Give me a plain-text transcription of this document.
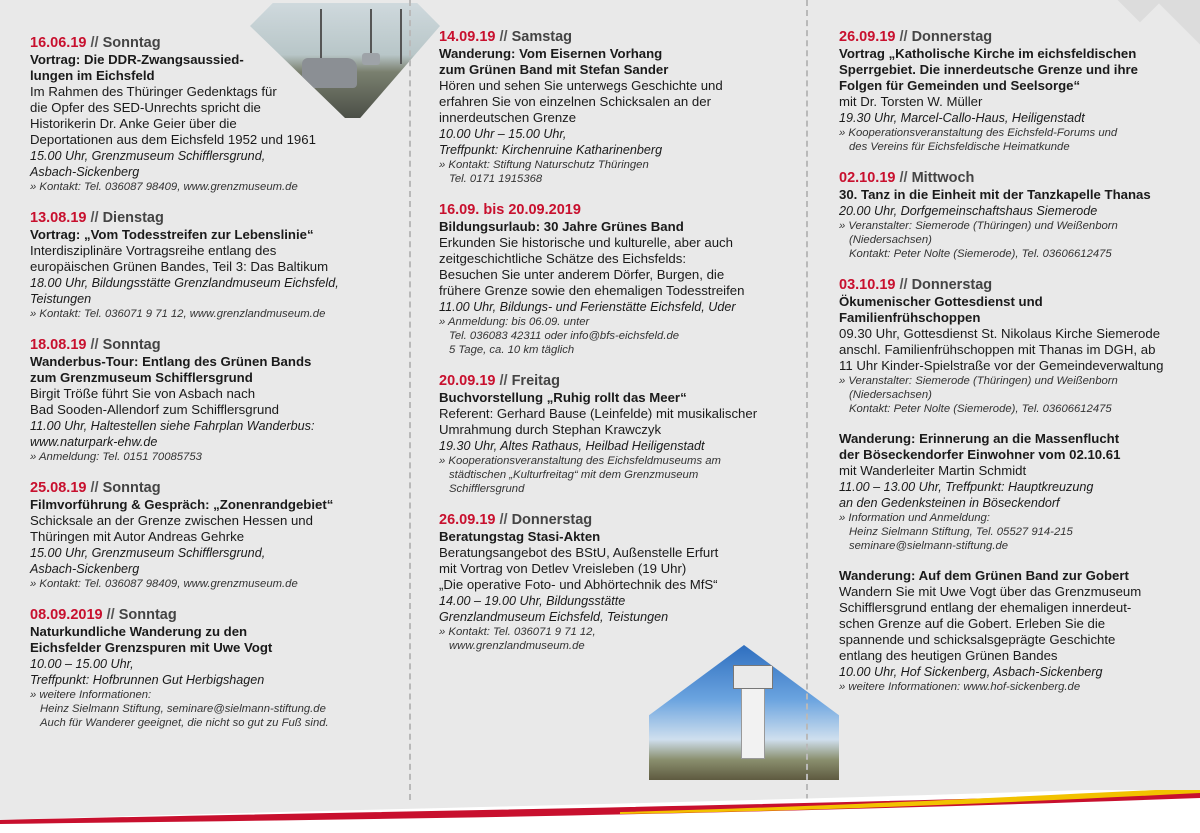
16.06.19 // Sonntag
Vortrag: Die DDR-Zwangsaussied-
lungen im Eichsfeld
Im Rahmen des Thüringer Gedenktags für
die Opfer des SED-Unrechts spricht die
Historikerin Dr. Anke Geier über die
Deportationen aus dem Eichsfeld 1952 und 1961
15.00 Uhr, Grenzmuseum Schifflersgrund,
Asbach-Sickenberg
» Kontakt: Tel. 036087 98409, www.grenzmuseum.de
13.08.19 // Dienstag
Vortrag: „Vom Todesstreifen zur Lebenslinie“
Interdisziplinäre Vortragsreihe entlang des
europäischen Grünen Bandes, Teil 3: Das Baltikum
18.00 Uhr, Bildungsstätte Grenzlandmuseum Eichsfeld,
Teistungen
» Kontakt: Tel. 036071 9 71 12, www.grenzlandmuseum.de
18.08.19 // Sonntag
Wanderbus-Tour: Entlang des Grünen Bands
zum Grenzmuseum Schifflersgrund
Birgit Tröße führt Sie von Asbach nach
Bad Sooden-Allendorf zum Schifflersgrund
11.00 Uhr, Haltestellen siehe Fahrplan Wanderbus:
www.naturpark-ehw.de
» Anmeldung: Tel. 0151 70085753
25.08.19 // Sonntag
Filmvorführung & Gespräch: „Zonenrandgebiet“
Schicksale an der Grenze zwischen Hessen und
Thüringen mit Autor Andreas Gehrke
15.00 Uhr, Grenzmuseum Schifflersgrund,
Asbach-Sickenberg
» Kontakt: Tel. 036087 98409, www.grenzmuseum.de
08.09.2019 // Sonntag
Naturkundliche Wanderung zu den
Eichsfelder Grenzspuren mit Uwe Vogt
10.00 – 15.00 Uhr,
Treffpunkt: Hofbrunnen Gut Herbigshagen
» weitere Informationen:
Heinz Sielmann Stiftung, seminare@sielmann-stiftung.de
Auch für Wanderer geeignet, die nicht so gut zu Fuß sind.
14.09.19 // Samstag
Wanderung: Vom Eisernen Vorhang
zum Grünen Band mit Stefan Sander
Hören und sehen Sie unterwegs Geschichte und
erfahren Sie von einzelnen Schicksalen an der
innerdeutschen Grenze
10.00 Uhr – 15.00 Uhr,
Treffpunkt: Kirchenruine Katharinenberg
» Kontakt: Stiftung Naturschutz Thüringen
Tel. 0171 1915368
16.09. bis 20.09.2019
Bildungsurlaub: 30 Jahre Grünes Band
Erkunden Sie historische und kulturelle, aber auch
zeitgeschichtliche Schätze des Eichsfelds:
Besuchen Sie unter anderem Dörfer, Burgen, die
frühere Grenze sowie den ehemaligen Todesstreifen
11.00 Uhr, Bildungs- und Ferienstätte Eichsfeld, Uder
» Anmeldung: bis 06.09. unter
Tel. 036083 42311 oder info@bfs-eichsfeld.de
5 Tage, ca. 10 km täglich
20.09.19 // Freitag
Buchvorstellung „Ruhig rollt das Meer“
Referent: Gerhard Bause (Leinfelde) mit musikalischer
Umrahmung durch Stephan Krawczyk
19.30 Uhr, Altes Rathaus, Heilbad Heiligenstadt
» Kooperationsveranstaltung des Eichsfeldmuseums am
städtischen „Kulturfreitag“ mit dem Grenzmuseum
Schifflersgrund
26.09.19 // Donnerstag
Beratungstag Stasi-Akten
Beratungsangebot des BStU, Außenstelle Erfurt
mit Vortrag von Detlev Vreisleben (19 Uhr)
„Die operative Foto- und Abhörtechnik des MfS“
14.00 – 19.00 Uhr, Bildungsstätte
Grenzlandmuseum Eichsfeld, Teistungen
» Kontakt: Tel. 036071 9 71 12,
www.grenzlandmuseum.de
26.09.19 // Donnerstag
Vortrag „Katholische Kirche im eichsfeldischen
Sperrgebiet. Die innerdeutsche Grenze und ihre
Folgen für Gemeinden und Seelsorge“
mit Dr. Torsten W. Müller
19.30 Uhr, Marcel-Callo-Haus, Heiligenstadt
» Kooperationsveranstaltung des Eichsfeld-Forums und
des Vereins für Eichsfeldische Heimatkunde
02.10.19 // Mittwoch
30. Tanz in die Einheit mit der Tanzkapelle Thanas
20.00 Uhr, Dorfgemeinschaftshaus Siemerode
» Veranstalter: Siemerode (Thüringen) und Weißenborn
(Niedersachsen)
Kontakt: Peter Nolte (Siemerode), Tel. 03606612475
03.10.19 // Donnerstag
Ökumenischer Gottesdienst und
Familienfrühschoppen
09.30 Uhr, Gottesdienst St. Nikolaus Kirche Siemerode
anschl. Familienfrühschoppen mit Thanas im DGH, ab
11 Uhr Kinder-Spielstraße vor der Gemeindeverwaltung
» Veranstalter: Siemerode (Thüringen) und Weißenborn
(Niedersachsen)
Kontakt: Peter Nolte (Siemerode), Tel. 03606612475
Wanderung: Erinnerung an die Massenflucht
der Böseckendorfer Einwohner vom 02.10.61
mit Wanderleiter Martin Schmidt
11.00 – 13.00 Uhr, Treffpunkt: Hauptkreuzung
an den Gedenksteinen in Böseckendorf
» Information und Anmeldung:
Heinz Sielmann Stiftung, Tel. 05527 914-215
seminare@sielmann-stiftung.de
Wanderung: Auf dem Grünen Band zur Gobert
Wandern Sie mit Uwe Vogt über das Grenzmuseum
Schifflersgrund entlang der ehemaligen innerdeut-
schen Grenze auf die Gobert. Erleben Sie die
spannende und schicksalsgeprägte Geschichte
entlang des heutigen Grünen Bandes
10.00 Uhr, Hof Sickenberg, Asbach-Sickenberg
» weitere Informationen: www.hof-sickenberg.de
